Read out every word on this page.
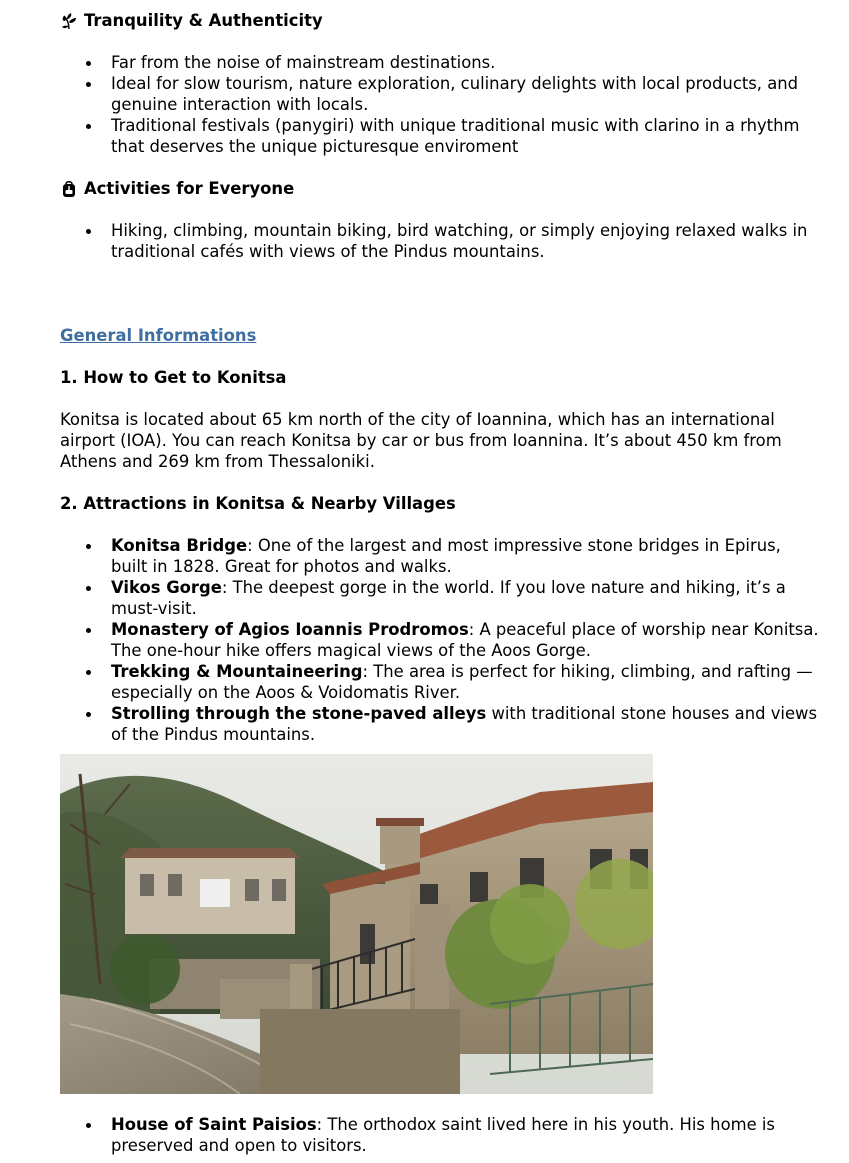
Tranquility & Authenticity
Far from the noise of mainstream destinations.
Ideal for slow tourism, nature exploration, culinary delights with local products, and genuine interaction with locals.
Traditional festivals (panygiri) with unique traditional music with clarino in a rhythm that deserves the unique picturesque enviroment
Activities for Everyone
Hiking, climbing, mountain biking, bird watching, or simply enjoying relaxed walks in traditional cafés with views of the Pindus mountains.

General Informations

1. How to Get to Konitsa

Konitsa is located about 65 km north of the city of Ioannina, which has an international airport (IOA). You can reach Konitsa by car or bus from Ioannina. It’s about 450 km from Athens and 269 km from Thessaloniki.

2. Attractions in Konitsa & Nearby Villages
Konitsa Bridge: One of the largest and most impressive stone bridges in Epirus, built in 1828. Great for photos and walks.
Vikos Gorge: The deepest gorge in the world. If you love nature and hiking, it’s a must-visit.
Monastery of Agios Ioannis Prodromos: A peaceful place of worship near Konitsa. The one-hour hike offers magical views of the Aoos Gorge.
Trekking & Mountaineering: The area is perfect for hiking, climbing, and rafting — especially on the Aoos & Voidomatis River.
Strolling through the stone-paved alleys with traditional stone houses and views of the Pindus mountains.
House of Saint Paisios: The orthodox saint lived here in his youth. His home is preserved and open to visitors.
